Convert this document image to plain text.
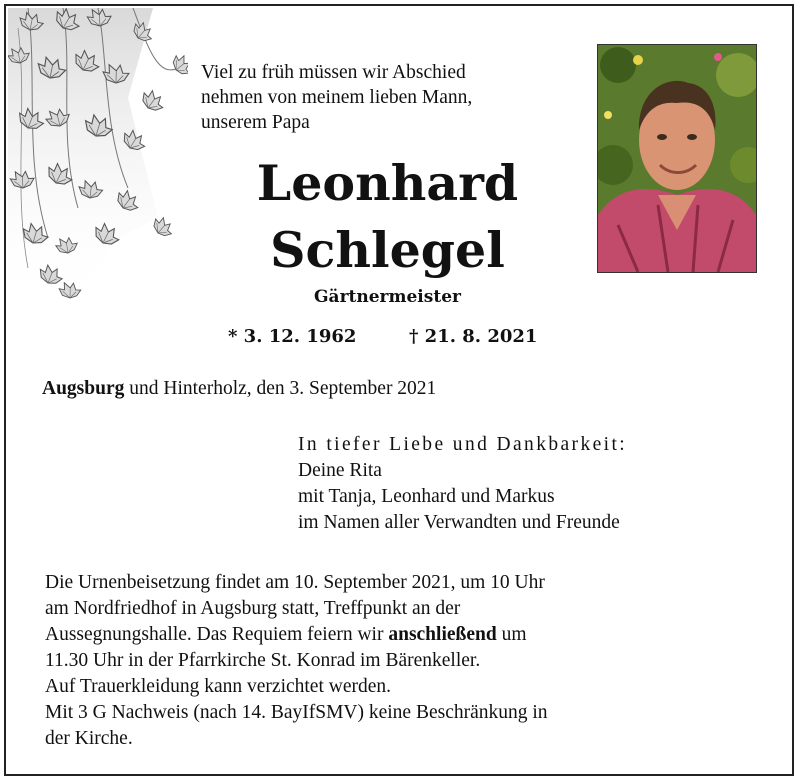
Viel zu früh müssen wir Abschied
nehmen von meinem lieben Mann,
unserem Papa
Leonhard
Schlegel
Gärtnermeister
* 3. 12. 1962	† 21. 8. 2021
Augsburg und Hinterholz, den 3. September 2021
In tiefer Liebe und Dankbarkeit:
Deine Rita
mit Tanja, Leonhard und Markus
im Namen aller Verwandten und Freunde
Die Urnenbeisetzung findet am 10. September 2021, um 10 Uhr
am Nordfriedhof in Augsburg statt, Treffpunkt an der
Aussegnungshalle. Das Requiem feiern wir anschließend um
11.30 Uhr in der Pfarrkirche St. Konrad im Bärenkeller.
Auf Trauerkleidung kann verzichtet werden.
Mit 3 G Nachweis (nach 14. BayIfSMV) keine Beschränkung in
der Kirche.
